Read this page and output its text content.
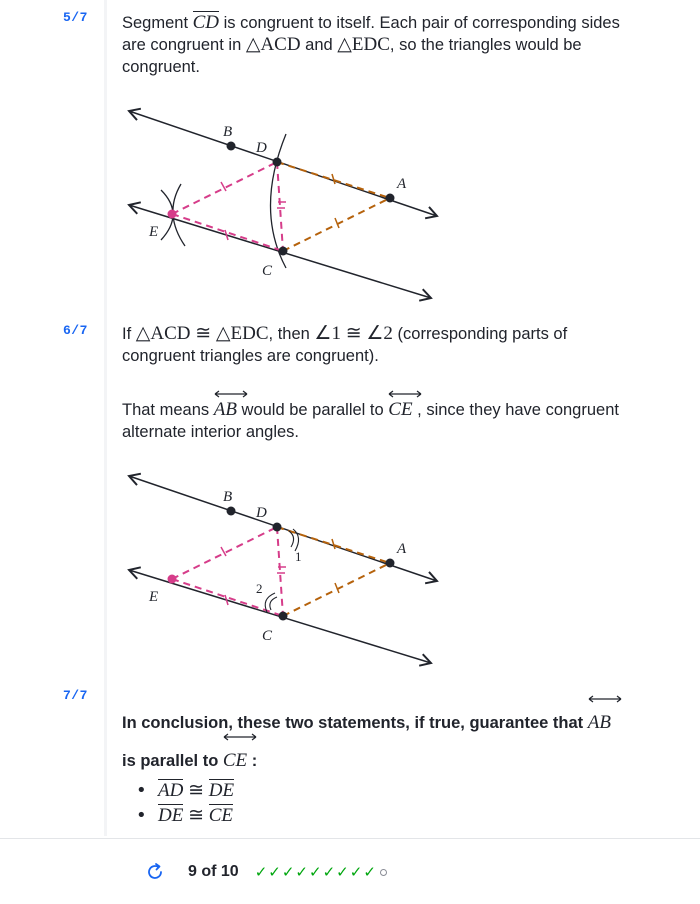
5/7 Segment CD is congruent to itself. Each pair of corresponding sides are congruent in △ACD and △EDC, so the triangles would be congruent.
B
D
A
E
C
6/7 If △ACD ≅ △EDC, then ∠1 ≅ ∠2 (corresponding parts of congruent triangles are congruent).
That means
AB would be parallel to
CE , since they have congruent alternate interior angles.
1
2
B
D
A
E
C
7/7
In conclusion, these two statements, if true, guarantee that
AB
is parallel to
CE :
• AD ≅ DE
• DE ≅ CE
9 of 10 ✓ ✓ ✓ ✓ ✓ ✓ ✓ ✓ ✓
